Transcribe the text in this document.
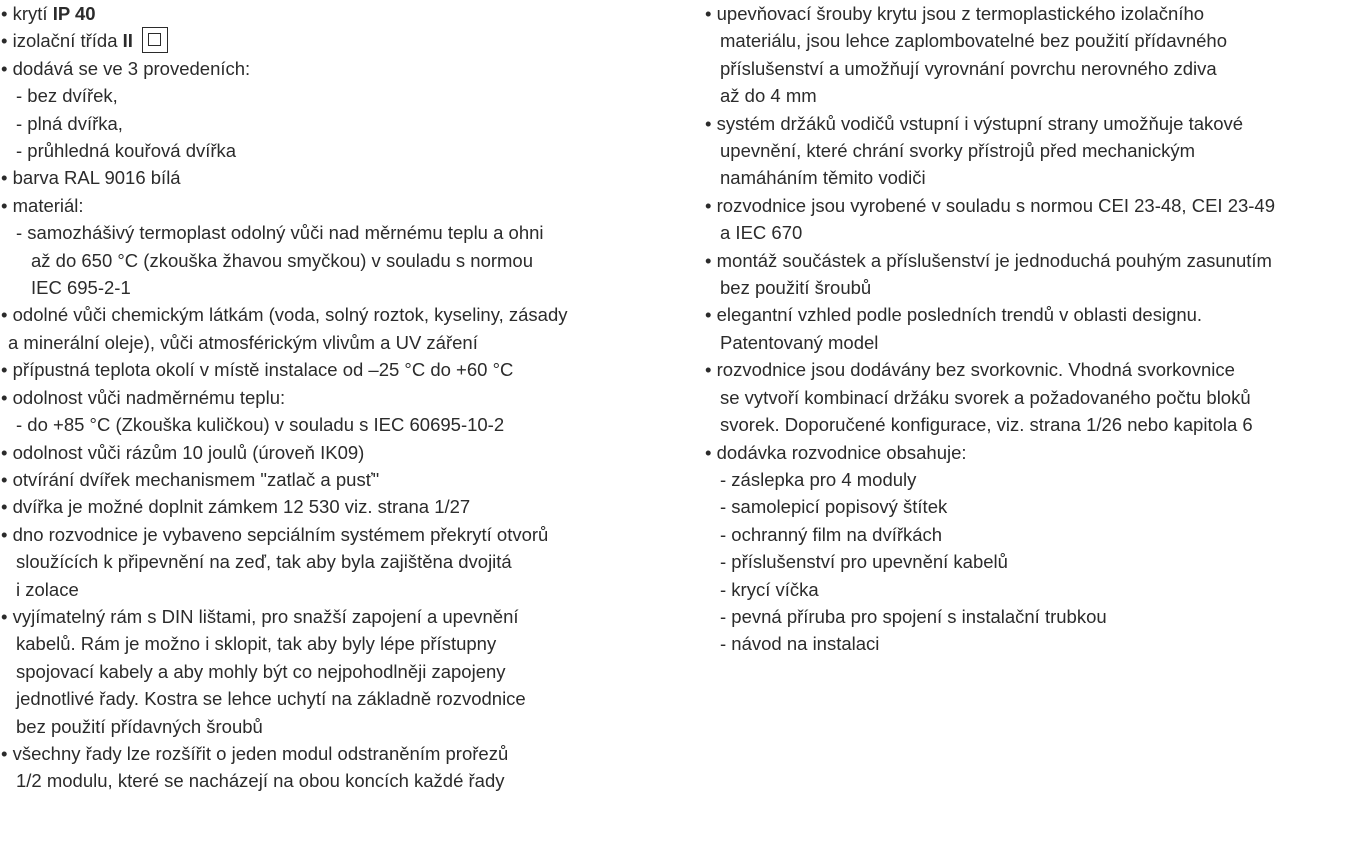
• krytí IP 40

• izolační třída II

• dodává se ve 3 provedeních:

- bez dvířek,

- plná dvířka,

- průhledná kouřová dvířka

• barva RAL 9016 bílá

• materiál:

- samozhášivý termoplast odolný vůči nad měrnému teplu a ohni
až do 650 °C (zkouška žhavou smyčkou) v souladu s normou
IEC 695-2-1

• odolné vůči chemickým látkám (voda, solný roztok, kyseliny, zásady
a minerální oleje), vůči atmosférickým vlivům a UV záření

• přípustná teplota okolí v místě instalace od –25 °C do +60 °C

• odolnost vůči nadměrnému teplu:

- do +85 °C (Zkouška kuličkou) v souladu s IEC 60695-10-2

• odolnost vůči rázům 10 joulů (úroveň IK09)

• otvírání dvířek mechanismem "zatlač a pusť"

• dvířka je možné doplnit zámkem 12 530 viz. strana 1/27

• dno rozvodnice je vybaveno sepciálním systémem překrytí otvorů
sloužících k připevnění na zeď, tak aby byla zajištěna dvojitá
i zolace

• vyjímatelný rám s DIN lištami, pro snažší zapojení a upevnění
kabelů. Rám je možno i sklopit, tak aby byly lépe přístupny
spojovací kabely a aby mohly být co nejpohodlněji zapojeny
jednotlivé řady. Kostra se lehce uchytí na základně rozvodnice
bez použití přídavných šroubů

• všechny řady lze rozšířit o jeden modul odstraněním prořezů
1/2 modulu, které se nacházejí na obou koncích každé řady

• upevňovací šrouby krytu jsou z termoplastického izolačního
materiálu, jsou lehce zaplombovatelné bez použití přídavného
příslušenství a umožňují vyrovnání povrchu nerovného zdiva
až do 4 mm

• systém držáků vodičů vstupní i výstupní strany umožňuje takové
upevnění, které chrání svorky přístrojů před mechanickým
namáháním těmito vodiči

• rozvodnice jsou vyrobené v souladu s normou CEI 23-48, CEI 23-49
a IEC 670

• montáž součástek a příslušenství je jednoduchá pouhým zasunutím
bez použití šroubů

• elegantní vzhled podle posledních trendů v oblasti designu.
Patentovaný model

• rozvodnice jsou dodávány bez svorkovnic. Vhodná svorkovnice
se vytvoří kombinací držáku svorek a požadovaného počtu bloků
svorek. Doporučené konfigurace, viz. strana 1/26 nebo kapitola 6

• dodávka rozvodnice obsahuje:

- záslepka pro 4 moduly

- samolepicí popisový štítek

- ochranný film na dvířkách

- příslušenství pro upevnění kabelů

- krycí víčka

- pevná příruba pro spojení s instalační trubkou

- návod na instalaci
